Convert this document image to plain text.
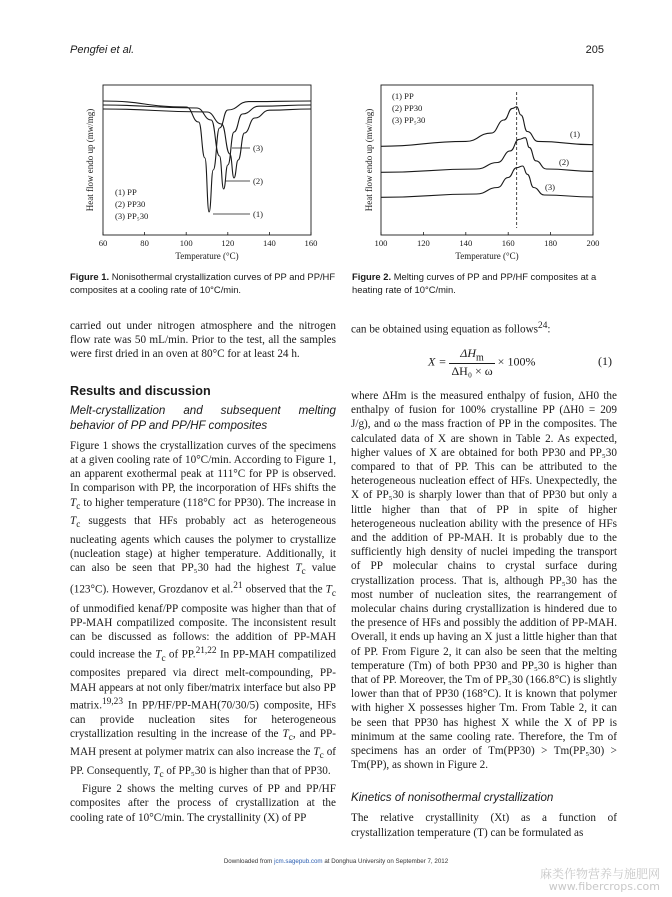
Pengfei et al.	205
Heat flow endo up (mw/mg)
Temperature (°C)
60	80	100	120	140	160
(1) PP
(2) PP30
(3) PP₅30	(1)
(2)
(3)
Figure 1. Nonisothermal crystallization curves of PP and PP/HF composites at a cooling rate of 10°C/min.
Heat flow endo up (mw/mg)
Temperature (°C)
100	120	140	160	180	200
(1) PP
(2) PP30
(3) PP₅30
(1)
(2)
(3)
Figure 2. Melting curves of PP and PP/HF composites at a heating rate of 10°C/min.

carried out under nitrogen atmosphere and the nitrogen flow rate was 50 mL/min. Prior to the test, all the samples were first dried in an oven at 80°C for at least 24 h.

Results and discussion
Melt-crystallization and subsequent melting behavior of PP and PP/HF composites

Figure 1 shows the crystallization curves of the specimens at a given cooling rate of 10°C/min. According to Figure 1, an apparent exothermal peak at 111°C for PP is observed. In comparison with PP, the incorporation of HFs shifts the $T_c$ to higher temperature (118°C for PP30). The increase in $T_c$ suggests that HFs probably act as heterogeneous nucleating agents which causes the polymer to crystallize (nucleation stage) at higher temperature. Additionally, it can also be seen that PP₅30 had the highest $T_c$ value (123°C). However, Grozdanov et al.$^{21}$ observed that the $T_c$ of unmodified kenaf/PP composite was higher than that of PP-MAH compatilized composite. The inconsistent result can be discussed as follows: the addition of PP-MAH could increase the $T_c$ of PP.$^{21,22}$ In PP-MAH compatilized composites prepared via direct melt-compounding, PP-MAH appears at not only fiber/matrix interface but also PP matrix.$^{19,23}$ In PP/HF/PP-MAH(70/30/5) composite, HFs can provide nucleation sites for heterogeneous crystallization resulting in the increase of the $T_c$, and PP-MAH present at polymer matrix can also increase the $T_c$ of PP. Consequently, $T_c$ of PP₅30 is higher than that of PP30.

Figure 2 shows the melting curves of PP and PP/HF composites after the process of crystallization at the cooling rate of 10°C/min. The crystallinity (X) of PP

can be obtained using equation as follows$^{24}$:

$X = \frac{\Delta H_m}{\text{ΔH₀ × ω}} \times 100\%$	(1)

where ΔHm is the measured enthalpy of fusion, ΔH0 the enthalpy of fusion for 100% crystalline PP (ΔH0 = 209 J/g), and ω the mass fraction of PP in the composites. The calculated data of X are shown in Table 2. As expected, higher values of X are obtained for both PP30 and PP₅30 compared to that of PP. This can be attributed to the heterogeneous nucleation effect of HFs. Unexpectedly, the X of PP₅30 is sharply lower than that of PP30 but only a little higher than that of PP in spite of higher heterogeneous nucleation ability with the presence of HFs and the addition of PP-MAH. It is probably due to the sufficiently high density of nuclei impeding the transport of PP molecular chains to crystal surface during crystallization process. That is, although PP₅30 has the most number of nucleation sites, the rearrangement of molecular chains during crystallization is hindered due to the presence of HFs and possibly the addition of PP-MAH. Overall, it ends up having an X just a little higher than that of PP. From Figure 2, it can also be seen that the melting temperature (Tm) of both PP30 and PP₅30 is higher than that of PP. Moreover, the Tm of PP₅30 (166.8°C) is slightly lower than that of PP30 (168°C). It is known that polymer with higher X possesses higher Tm. From Table 2, it can be seen that PP30 has highest X while the X of PP is minimum at the same cooling rate. Therefore, the Tm of specimens has an order of Tm(PP30) > Tm(PP₅30) > Tm(PP), as shown in Figure 2.

Kinetics of nonisothermal crystallization

The relative crystallinity (Xt) as a function of crystallization temperature (T) can be formulated as

Downloaded from jcm.sagepub.com at Donghua University on September 7, 2012
麻类作物营养与施肥网
www.fibercrops.com
